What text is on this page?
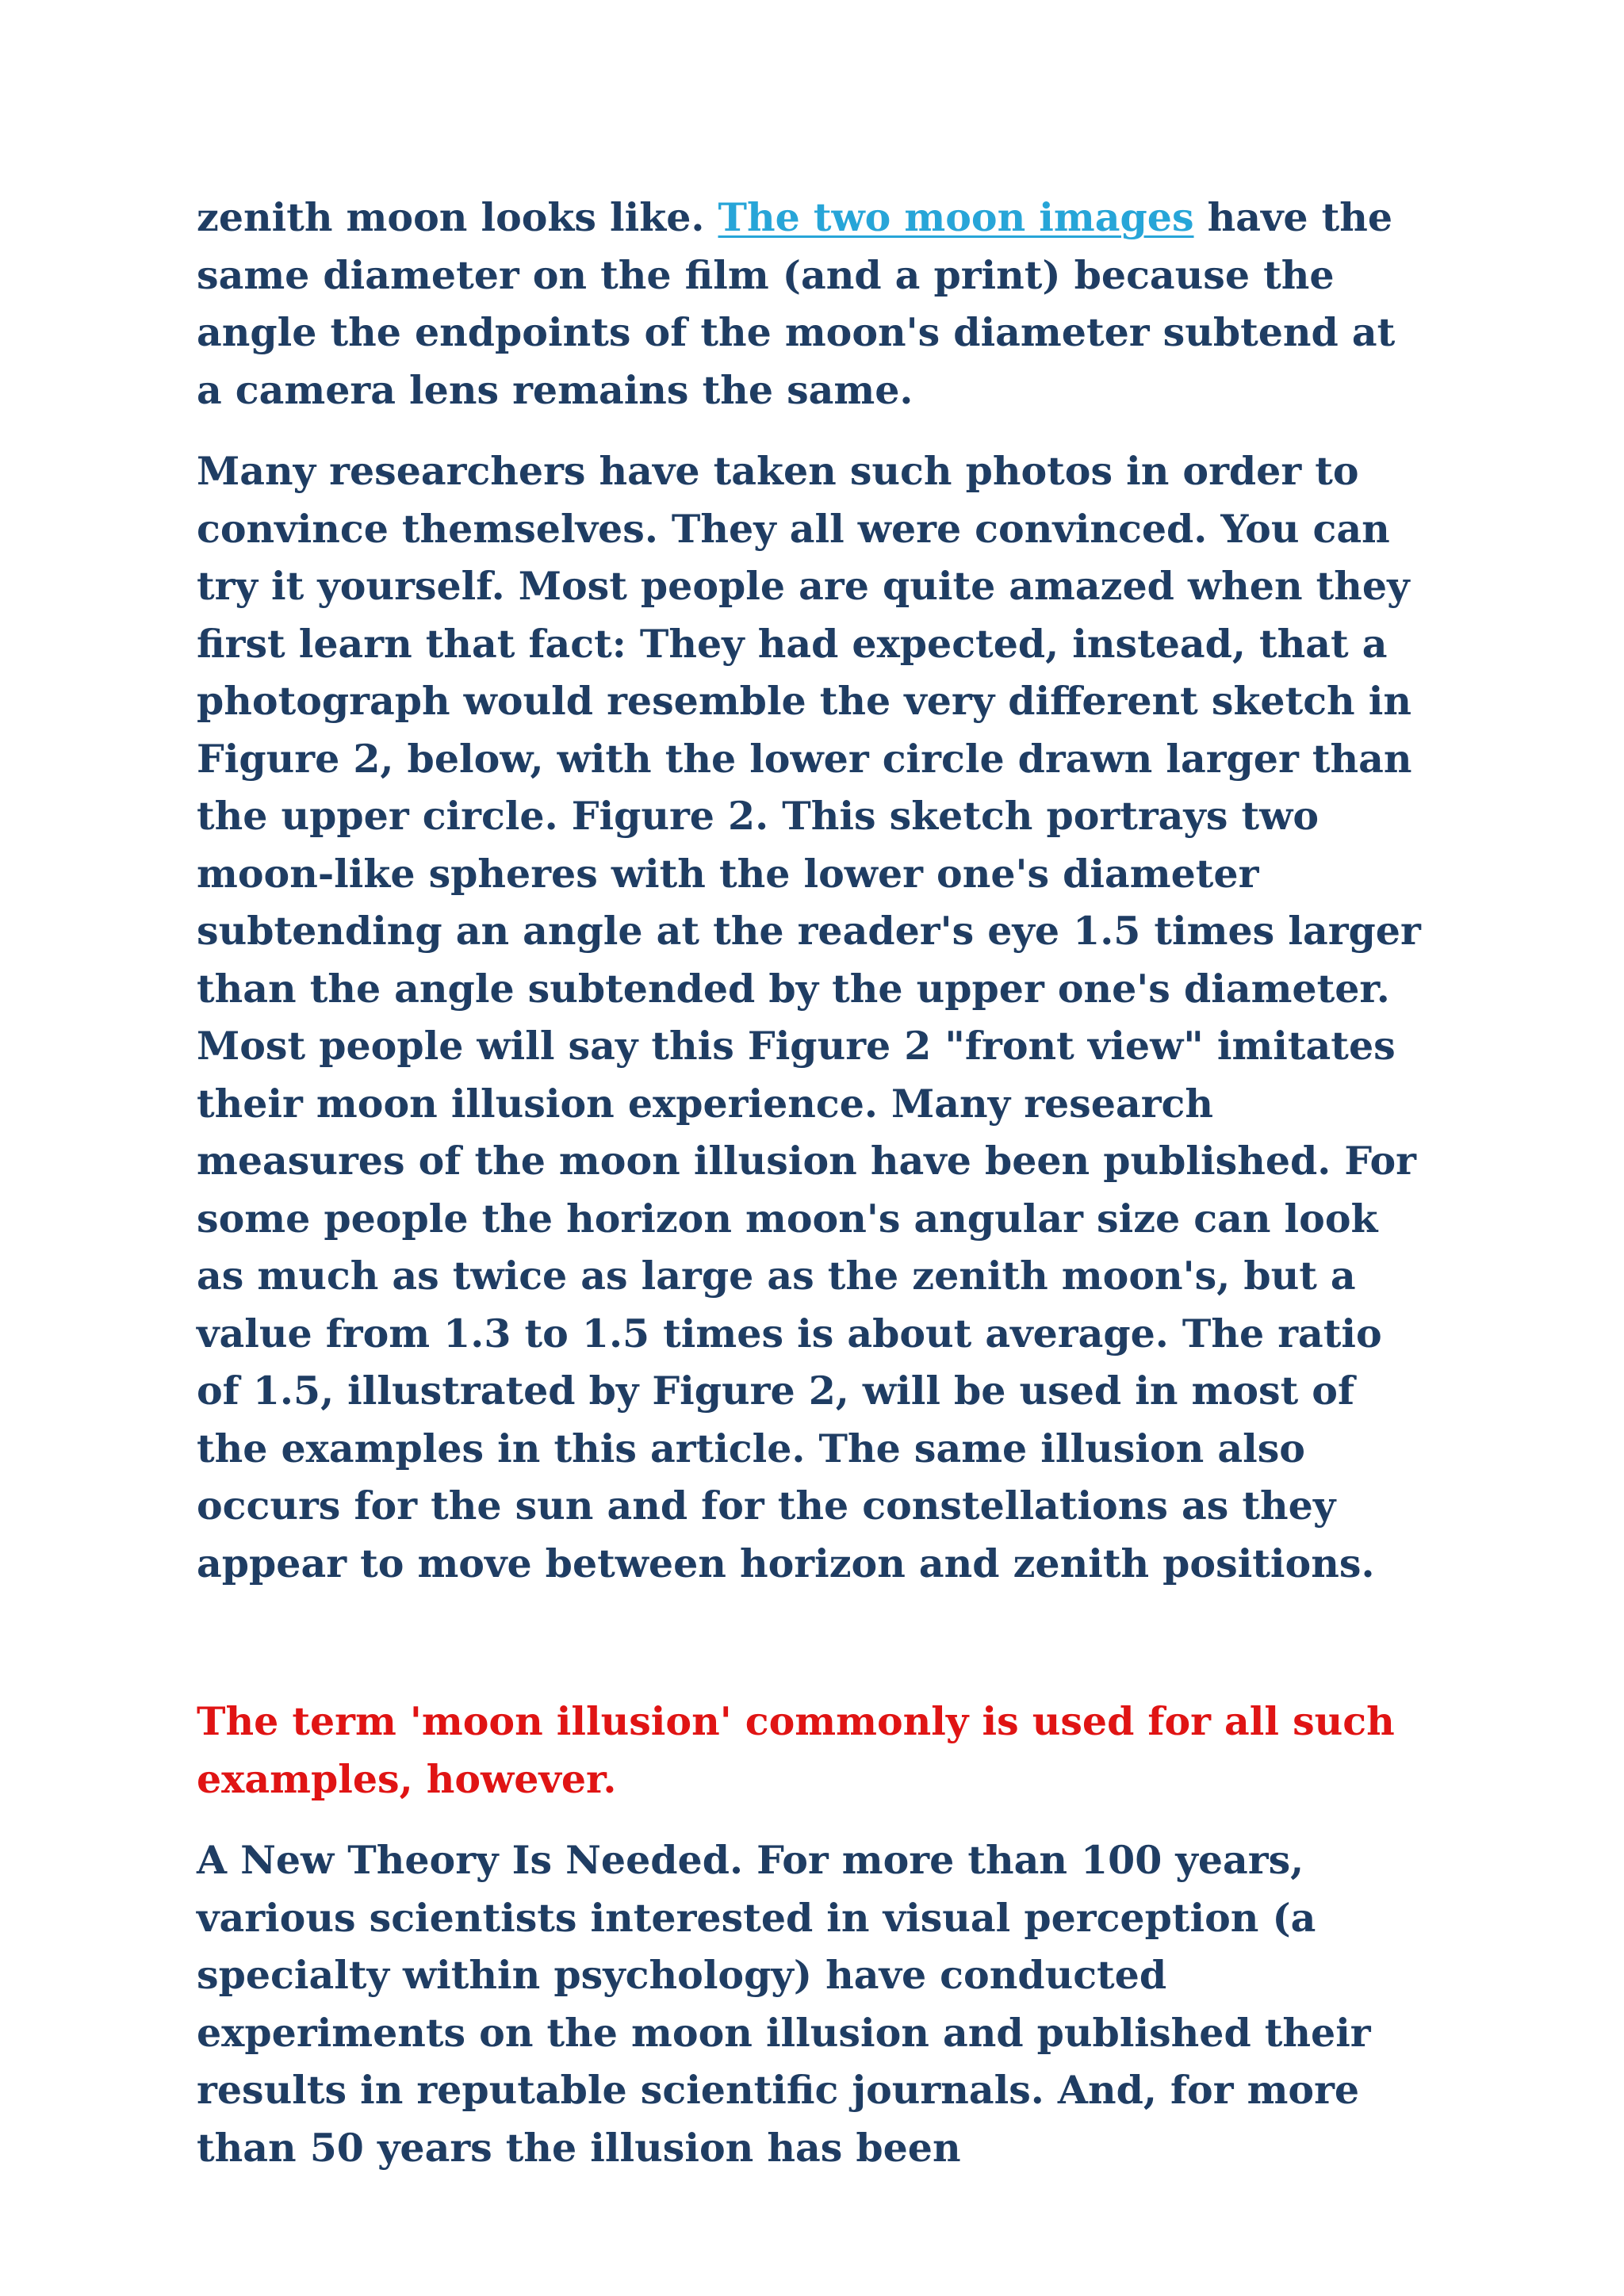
zenith moon looks like. The two moon images have the same diameter on the film (and a print) because the angle the endpoints of the moon's diameter subtend at a camera lens remains the same.

Many researchers have taken such photos in order to convince themselves. They all were convinced. You can try it yourself. Most people are quite amazed when they first learn that fact: They had expected, instead, that a photograph would resemble the very different sketch in Figure 2, below, with the lower circle drawn larger than the upper circle. Figure 2. This sketch portrays two moon-like spheres with the lower one's diameter subtending an angle at the reader's eye 1.5 times larger than the angle subtended by the upper one's diameter. Most people will say this Figure 2 "front view" imitates their moon illusion experience. Many research measures of the moon illusion have been published. For some people the horizon moon's angular size can look as much as twice as large as the zenith moon's, but a value from 1.3 to 1.5 times is about average. The ratio of 1.5, illustrated by Figure 2, will be used in most of the examples in this article. The same illusion also occurs for the sun and for the constellations as they appear to move between horizon and zenith positions.

The term 'moon illusion' commonly is used for all such examples, however.

A New Theory Is Needed. For more than 100 years, various scientists interested in visual perception (a specialty within psychology) have conducted experiments on the moon illusion and published their results in reputable scientific journals. And, for more than 50 years the illusion has been
